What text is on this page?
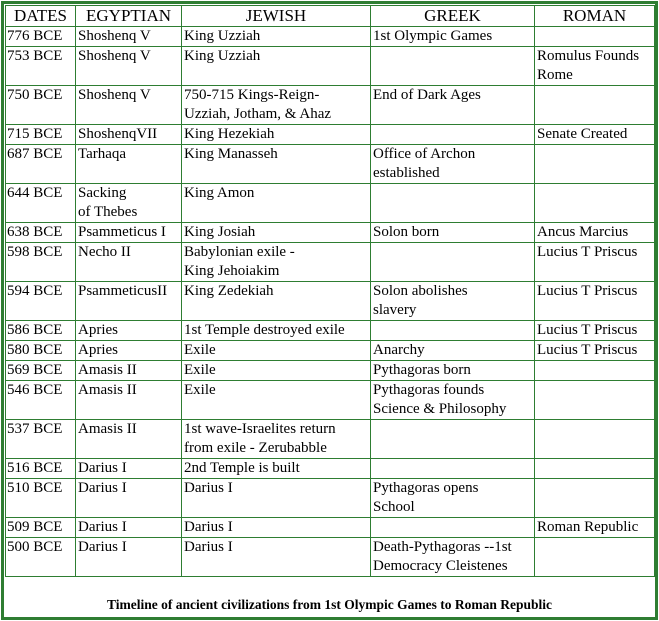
DATES	EGYPTIAN	JEWISH	GREEK	ROMAN
776 BCE	Shoshenq V	King Uzziah	1st Olympic Games	
753 BCE	Shoshenq V	King Uzziah		Romulus Founds
Rome
750 BCE	Shoshenq V	750-715 Kings-Reign-
Uzziah, Jotham, & Ahaz	End of Dark Ages	
715 BCE	ShoshenqVII	King Hezekiah		Senate Created
687 BCE	Tarhaqa	King Manasseh	Office of Archon
established	
644 BCE	Sacking
of Thebes	King Amon		
638 BCE	Psammeticus I	King Josiah	Solon born	Ancus Marcius
598 BCE	Necho II	Babylonian exile -
King Jehoiakim		Lucius T Priscus
594 BCE	PsammeticusII	King Zedekiah	Solon abolishes
slavery	Lucius T Priscus
586 BCE	Apries	1st Temple destroyed exile		Lucius T Priscus
580 BCE	Apries	Exile	Anarchy	Lucius T Priscus
569 BCE	Amasis II	Exile	Pythagoras born	
546 BCE	Amasis II	Exile	Pythagoras founds
Science & Philosophy	
537 BCE	Amasis II	1st wave-Israelites return
from exile - Zerubabble		
516 BCE	Darius I	2nd Temple is built		
510 BCE	Darius I	Darius I	Pythagoras opens
School	
509 BCE	Darius I	Darius I		Roman Republic
500 BCE	Darius I	Darius I	Death-Pythagoras --1st
Democracy Cleistenes	
Timeline of ancient civilizations from 1st Olympic Games to Roman Republic
